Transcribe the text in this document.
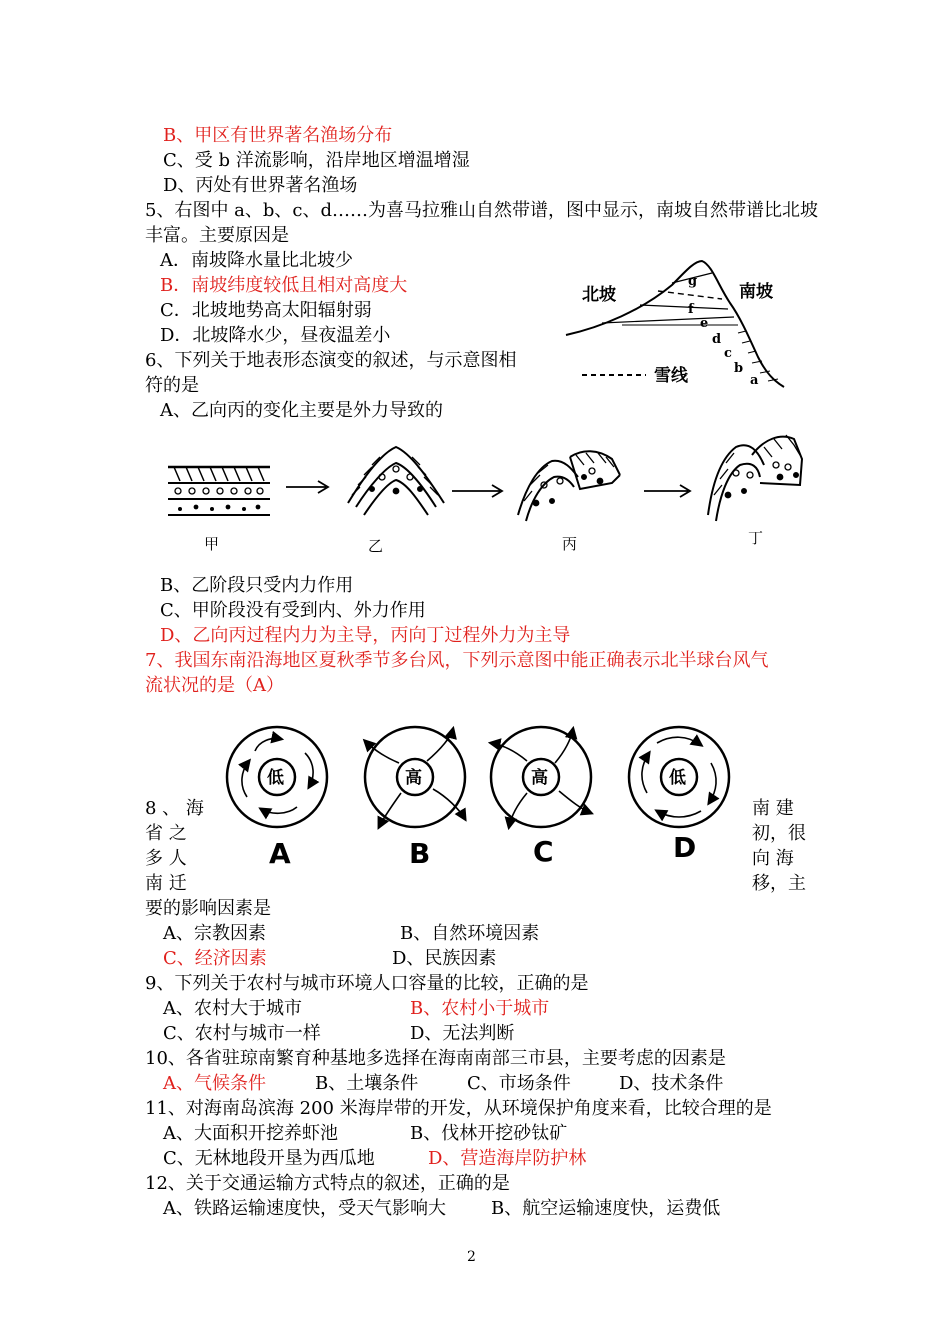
B、甲区有世界著名渔场分布
C、受 b 洋流影响，沿岸地区增温增湿
D、丙处有世界著名渔场
5、右图中 a、b、c、d……为喜马拉雅山自然带谱，图中显示，南坡自然带谱比北坡
丰富。主要原因是
A．南坡降水量比北坡少
B．南坡纬度较低且相对高度大
C．北坡地势高太阳辐射弱
D．北坡降水少，昼夜温差小
6、下列关于地表形态演变的叙述，与示意图相
符的是
A、乙向丙的变化主要是外力导致的
北坡	南坡
g
f
e
d
c
b
a
雪线
甲	乙	丙	丁
B、乙阶段只受内力作用
C、甲阶段没有受到内、外力作用
D、乙向丙过程内力为主导，丙向丁过程外力为主导
7、我国东南沿海地区夏秋季节多台风，下列示意图中能正确表示北半球台风气
流状况的是（A）
低	高	高	低
A	B	C	D
8 、 海	南 建
省 之	初，很
多 人	向 海
南 迁	移，主
要的影响因素是
A、宗教因素	B、自然环境因素
C、经济因素	D、民族因素
9、下列关于农村与城市环境人口容量的比较，正确的是
A、农村大于城市	B、农村小于城市
C、农村与城市一样	D、无法判断
10、各省驻琼南繁育种基地多选择在海南南部三市县，主要考虑的因素是
A、气候条件	B、土壤条件	C、市场条件	D、技术条件
11、对海南岛滨海 200 米海岸带的开发，从环境保护角度来看，比较合理的是
A、大面积开挖养虾池	B、伐林开挖砂钛矿
C、无林地段开垦为西瓜地	D、营造海岸防护林
12、关于交通运输方式特点的叙述，正确的是
A、铁路运输速度快，受天气影响大	B、航空运输速度快，运费低
2
